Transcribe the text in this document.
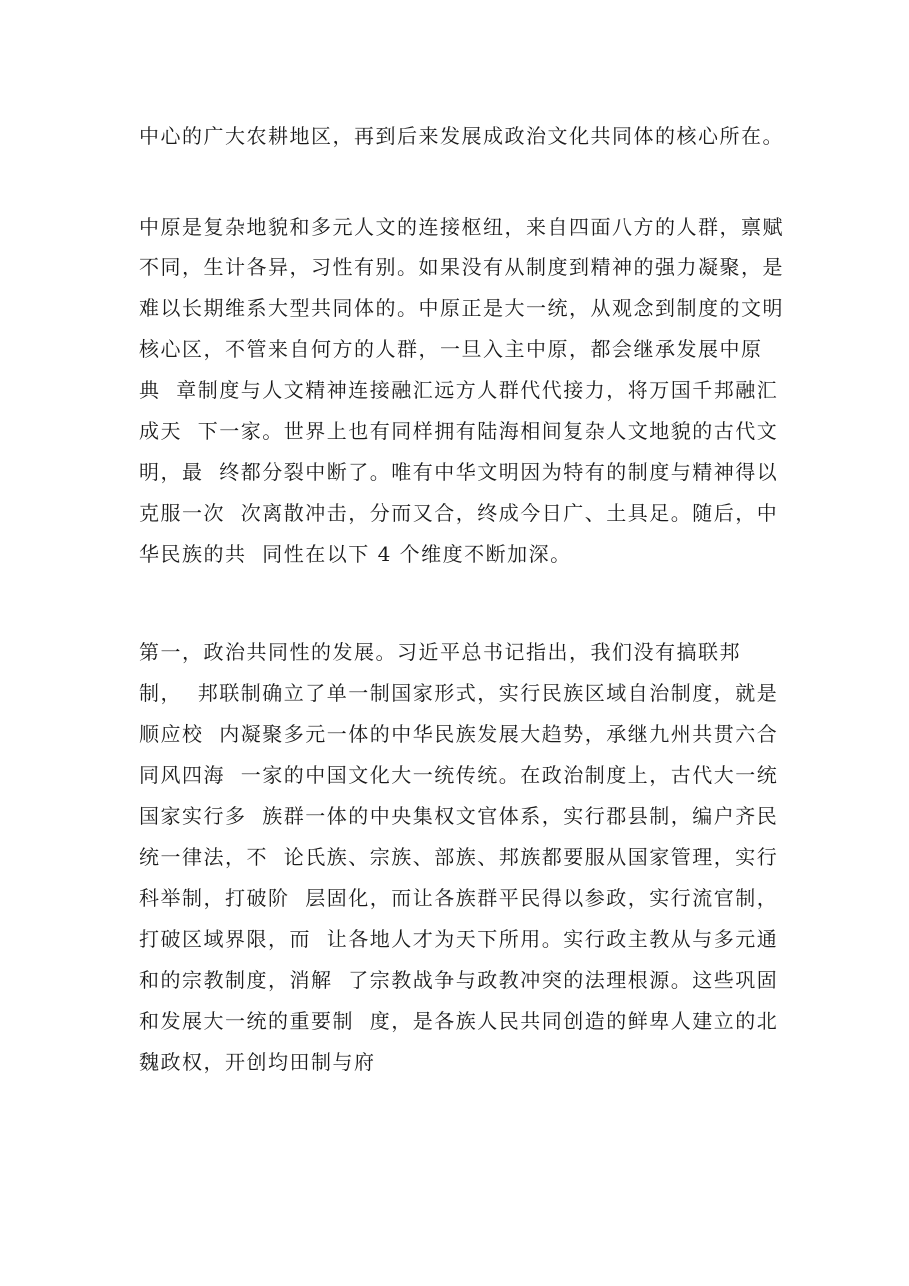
中心的广大农耕地区，再到后来发展成政治文化共同体的核心所在。
中原是复杂地貌和多元人文的连接枢纽，来自四面八方的人群，禀赋
不同，生计各异，习性有别。如果没有从制度到精神的强力凝聚，是
难以长期维系大型共同体的。中原正是大一统，从观念到制度的文明
核心区，不管来自何方的人群，一旦入主中原，都会继承发展中原
典  章制度与人文精神连接融汇远方人群代代接力，将万国千邦融汇
成天  下一家。世界上也有同样拥有陆海相间复杂人文地貌的古代文
明，最  终都分裂中断了。唯有中华文明因为特有的制度与精神得以
克服一次  次离散冲击，分而又合，终成今日广、土具足。随后，中
华民族的共  同性在以下 4 个维度不断加深。
第一，政治共同性的发展。习近平总书记指出，我们没有搞联邦
制，  邦联制确立了单一制国家形式，实行民族区域自治制度，就是
顺应校  内凝聚多元一体的中华民族发展大趋势，承继九州共贯六合
同风四海  一家的中国文化大一统传统。在政治制度上，古代大一统
国家实行多  族群一体的中央集权文官体系，实行郡县制，编户齐民
统一律法，不  论氏族、宗族、部族、邦族都要服从国家管理，实行
科举制，打破阶  层固化，而让各族群平民得以参政，实行流官制，
打破区域界限，而  让各地人才为天下所用。实行政主教从与多元通
和的宗教制度，消解  了宗教战争与政教冲突的法理根源。这些巩固
和发展大一统的重要制  度，是各族人民共同创造的鲜卑人建立的北
魏政权，开创均田制与府
